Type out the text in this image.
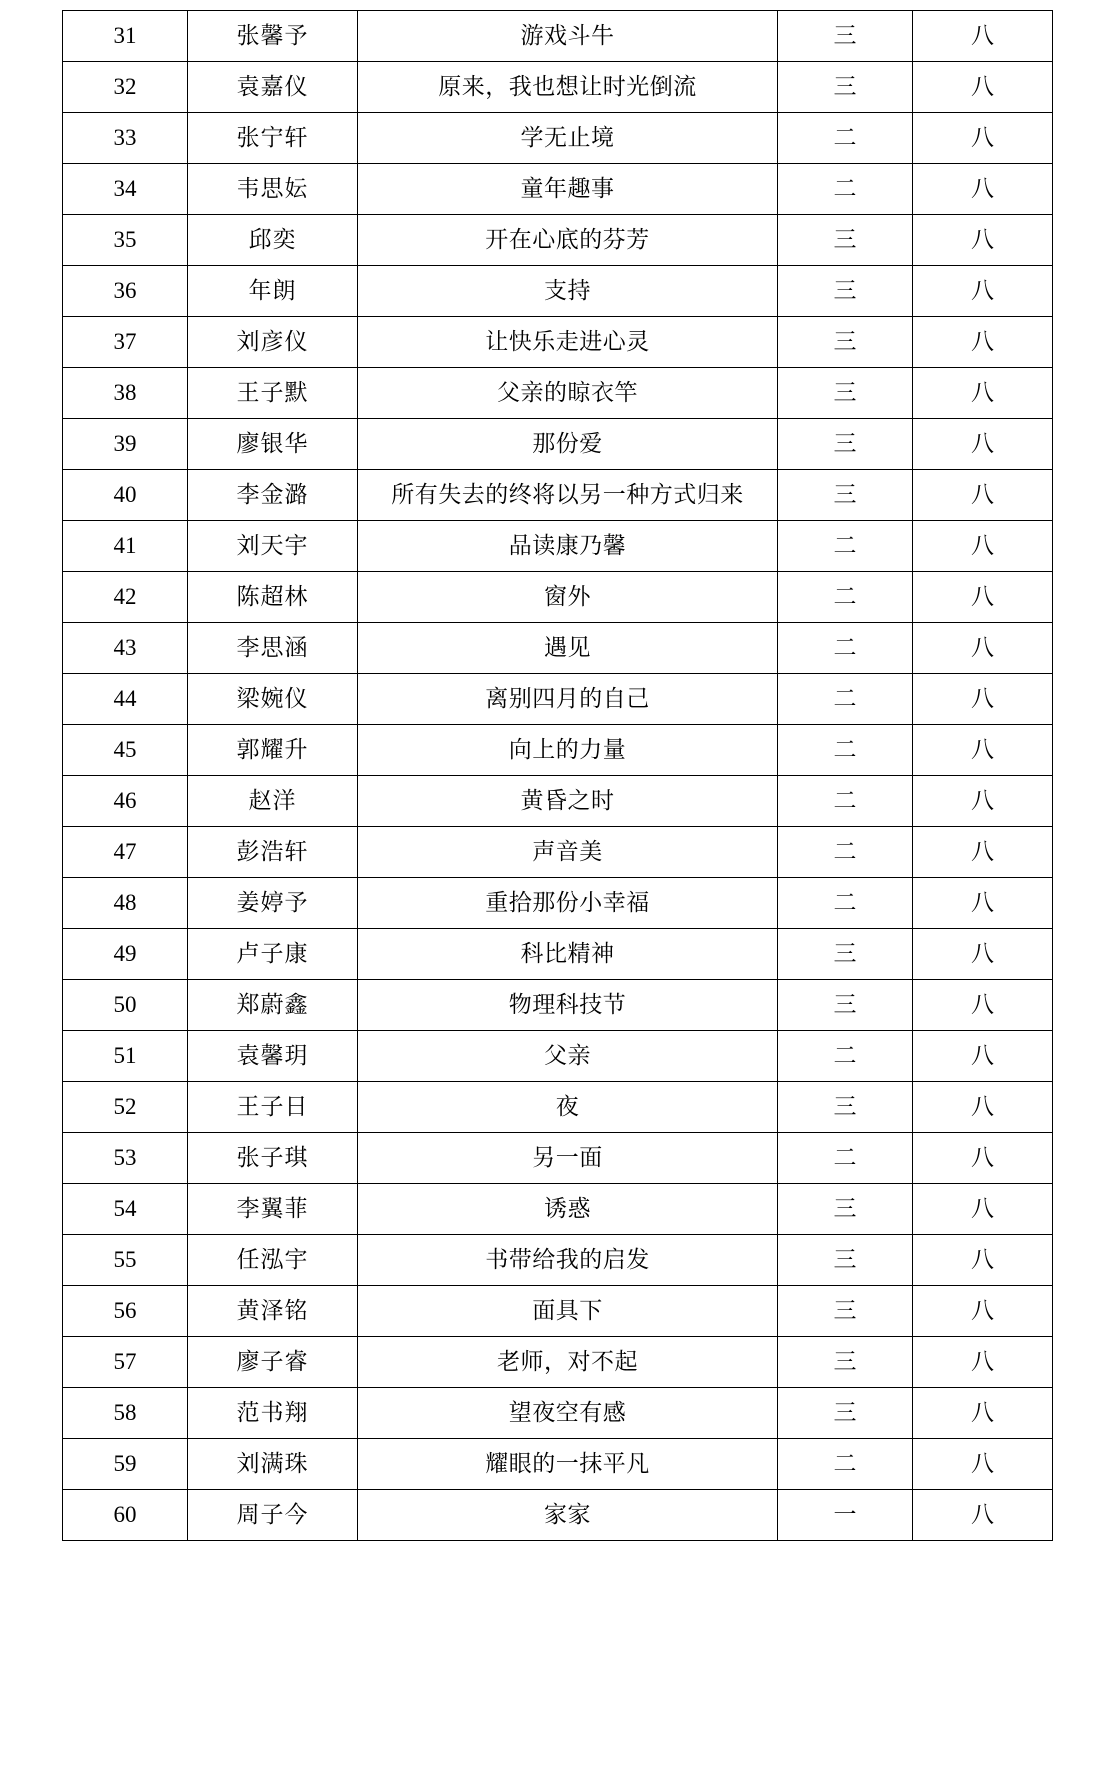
31	张馨予	游戏斗牛	三	八
32	袁嘉仪	原来，我也想让时光倒流	三	八
33	张宁轩	学无止境	二	八
34	韦思妘	童年趣事	二	八
35	邱奕	开在心底的芬芳	三	八
36	年朗	支持	三	八
37	刘彦仪	让快乐走进心灵	三	八
38	王子默	父亲的晾衣竿	三	八
39	廖银华	那份爱	三	八
40	李金潞	所有失去的终将以另一种方式归来	三	八
41	刘天宇	品读康乃馨	二	八
42	陈超林	窗外	二	八
43	李思涵	遇见	二	八
44	梁婉仪	离别四月的自己	二	八
45	郭耀升	向上的力量	二	八
46	赵洋	黄昏之时	二	八
47	彭浩轩	声音美	二	八
48	姜婷予	重拾那份小幸福	二	八
49	卢子康	科比精神	三	八
50	郑蔚鑫	物理科技节	三	八
51	袁馨玥	父亲	二	八
52	王子日	夜	三	八
53	张子琪	另一面	二	八
54	李翼菲	诱惑	三	八
55	任泓宇	书带给我的启发	三	八
56	黄泽铭	面具下	三	八
57	廖子睿	老师，对不起	三	八
58	范书翔	望夜空有感	三	八
59	刘满珠	耀眼的一抹平凡	二	八
60	周子今	家家	一	八
